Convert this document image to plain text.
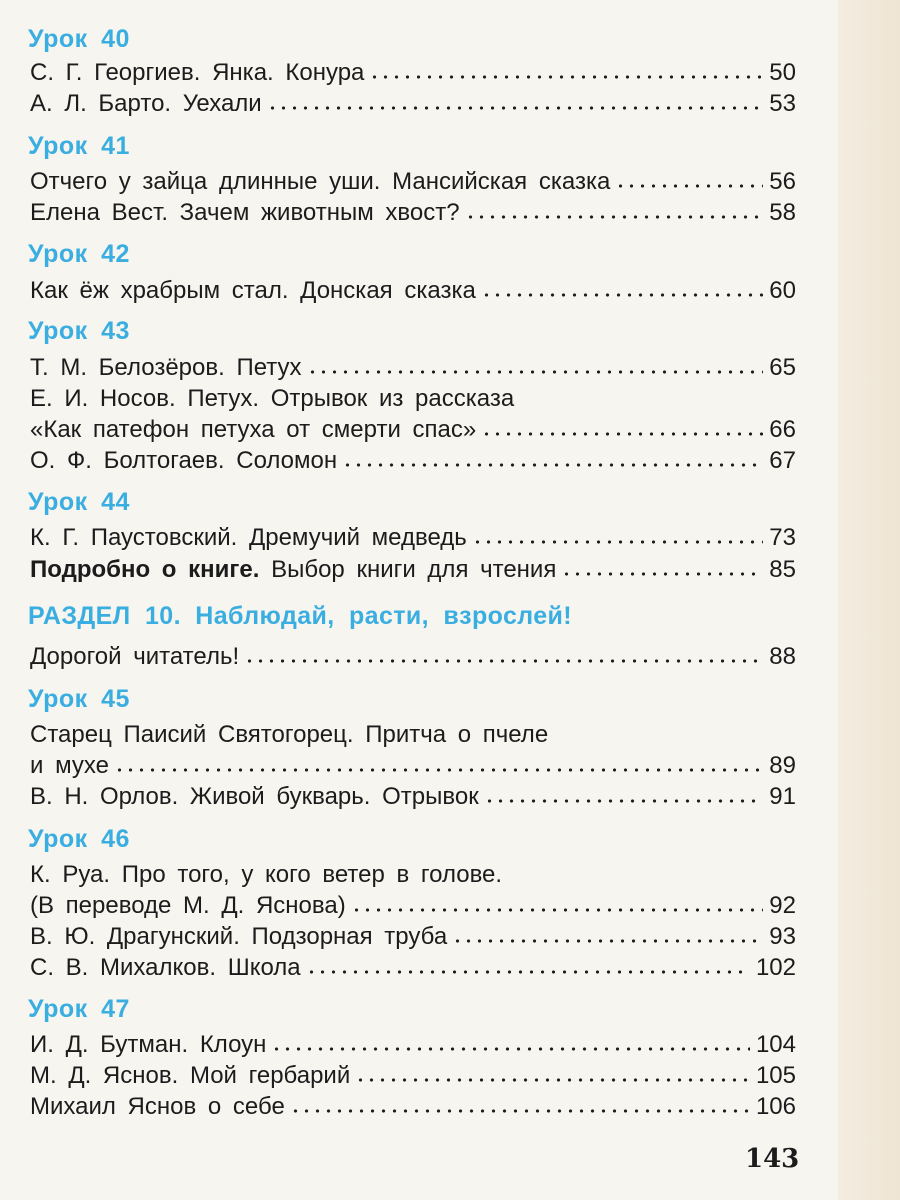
Урок 40
С. Г. Георгиев. Янка. Конура	50
А. Л. Барто. Уехали	53
Урок 41
Отчего у зайца длинные уши. Мансийская сказка	56
Елена Вест. Зачем животным хвост?	58
Урок 42
Как ёж храбрым стал. Донская сказка	60
Урок 43
Т. М. Белозёров. Петух	65
Е. И. Носов. Петух. Отрывок из рассказа
«Как патефон петуха от смерти спас»	66
О. Ф. Болтогаев. Соломон	67
Урок 44
К. Г. Паустовский. Дремучий медведь	73
Подробно о книге. Выбор книги для чтения	85
РАЗДЕЛ 10. Наблюдай, расти, взрослей!
Дорогой читатель!	88
Урок 45
Старец Паисий Святогорец. Притча о пчеле
и мухе	89
В. Н. Орлов. Живой букварь. Отрывок	91
Урок 46
К. Руа. Про того, у кого ветер в голове.
(В переводе М. Д. Яснова)	92
В. Ю. Драгунский. Подзорная труба	93
С. В. Михалков. Школа	102
Урок 47
И. Д. Бутман. Клоун	104
М. Д. Яснов. Мой гербарий	105
Михаил Яснов о себе	106
143
